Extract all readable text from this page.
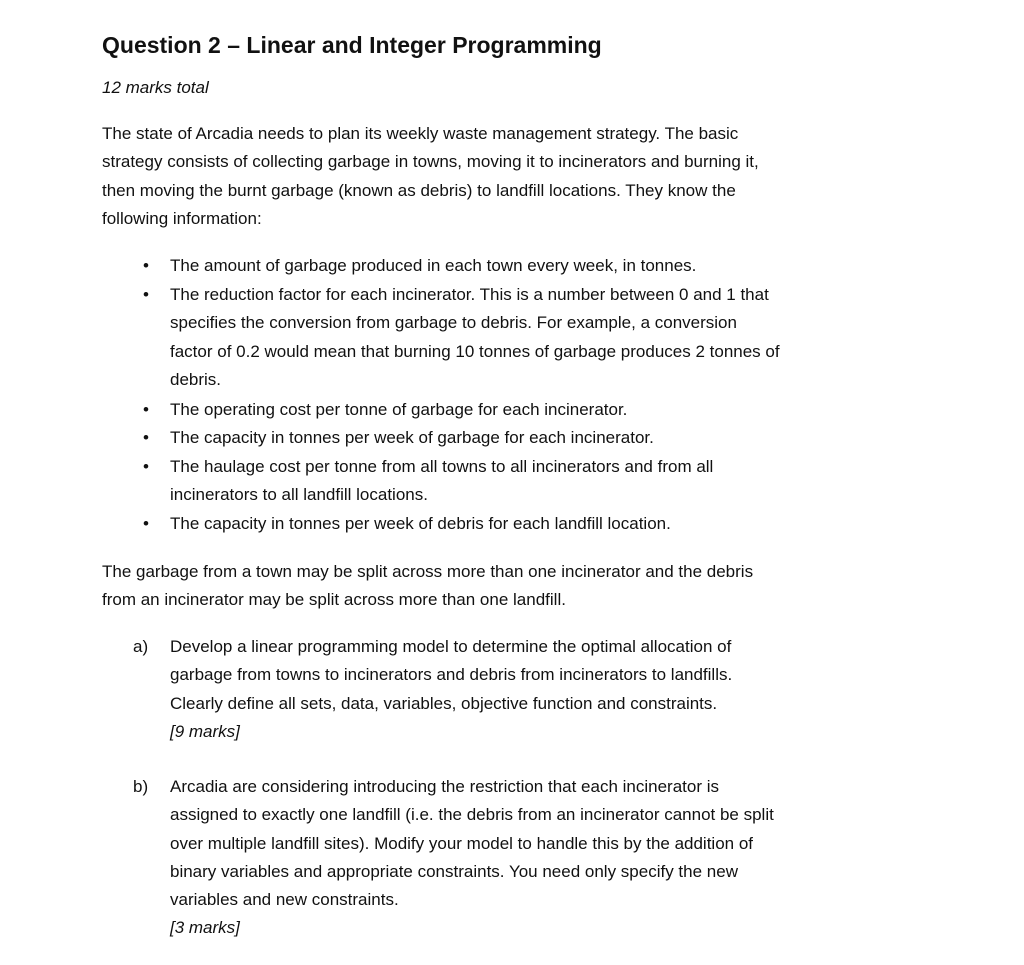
Question 2 – Linear and Integer Programming
12 marks total
The state of Arcadia needs to plan its weekly waste management strategy. The basic
strategy consists of collecting garbage in towns, moving it to incinerators and burning it,
then moving the burnt garbage (known as debris) to landfill locations. They know the
following information:
• The amount of garbage produced in each town every week, in tonnes.
• The reduction factor for each incinerator. This is a number between 0 and 1 that
specifies the conversion from garbage to debris. For example, a conversion
factor of 0.2 would mean that burning 10 tonnes of garbage produces 2 tonnes of
debris.
• The operating cost per tonne of garbage for each incinerator.
• The capacity in tonnes per week of garbage for each incinerator.
• The haulage cost per tonne from all towns to all incinerators and from all
incinerators to all landfill locations.
• The capacity in tonnes per week of debris for each landfill location.
The garbage from a town may be split across more than one incinerator and the debris
from an incinerator may be split across more than one landfill.
a) Develop a linear programming model to determine the optimal allocation of
garbage from towns to incinerators and debris from incinerators to landfills.
Clearly define all sets, data, variables, objective function and constraints.
[9 marks]
b) Arcadia are considering introducing the restriction that each incinerator is
assigned to exactly one landfill (i.e. the debris from an incinerator cannot be split
over multiple landfill sites). Modify your model to handle this by the addition of
binary variables and appropriate constraints. You need only specify the new
variables and new constraints.
[3 marks]
